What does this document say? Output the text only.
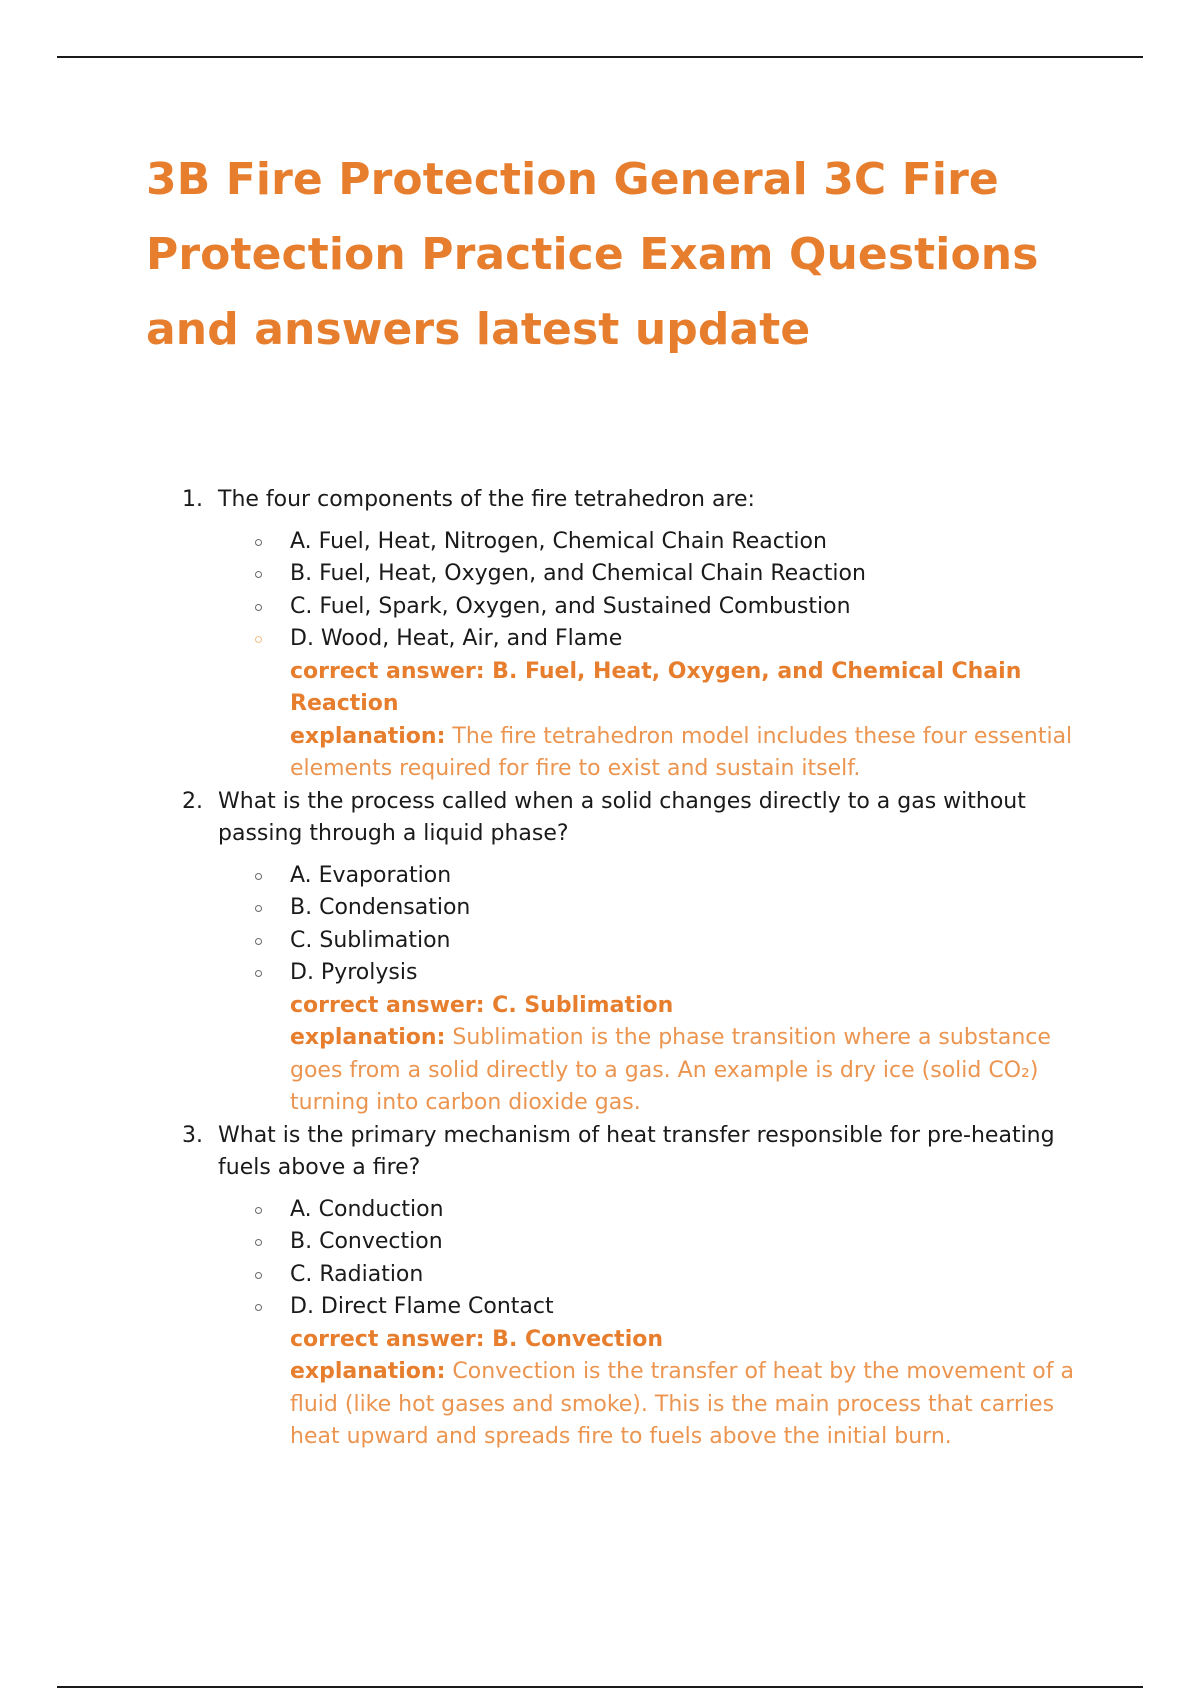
3B Fire Protection General 3C Fire Protection Practice Exam Questions and answers latest update
1. The four components of the fire tetrahedron are:

A. Fuel, Heat, Nitrogen, Chemical Chain Reaction
B. Fuel, Heat, Oxygen, and Chemical Chain Reaction
C. Fuel, Spark, Oxygen, and Sustained Combustion
D. Wood, Heat, Air, and Flame
correct answer: B. Fuel, Heat, Oxygen, and Chemical Chain Reaction
explanation: The fire tetrahedron model includes these four essential elements required for fire to exist and sustain itself.
2. What is the process called when a solid changes directly to a gas without passing through a liquid phase?

A. Evaporation
B. Condensation
C. Sublimation
D. Pyrolysis
correct answer: C. Sublimation
explanation: Sublimation is the phase transition where a substance goes from a solid directly to a gas. An example is dry ice (solid CO₂) turning into carbon dioxide gas.
3. What is the primary mechanism of heat transfer responsible for pre-heating fuels above a fire?

A. Conduction
B. Convection
C. Radiation
D. Direct Flame Contact
correct answer: B. Convection
explanation: Convection is the transfer of heat by the movement of a fluid (like hot gases and smoke). This is the main process that carries heat upward and spreads fire to fuels above the initial burn.
